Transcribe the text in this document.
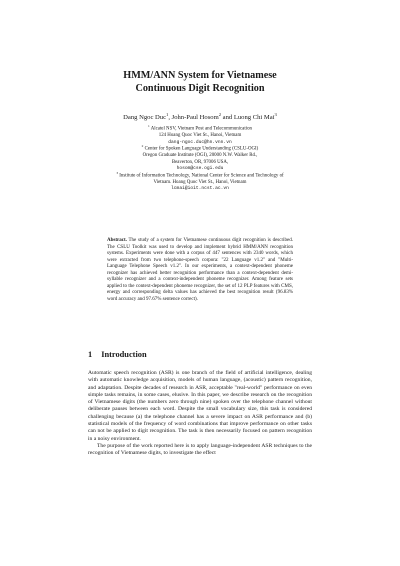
HMM/ANN System for Vietnamese
Continuous Digit Recognition
Dang Ngoc Duc$^1$, John-Paul Hosom$^2$ and Luong Chi Mai$^3$
$^1$ Alcatel NSV, Vietnam Post and Telecommunication
124 Hoang Quoc Viet St., Hanoi, Vietnam
dang-ngoc.duc@hn.vnn.vn
$^2$ Center for Spoken Language Understanding (CSLU-OGI)
Oregon Graduate Institute (OGI), 20000 N.W. Walker Rd.,
Beaverton, OR, 97006 USA,
hosom@cse.ogi.edu
$^3$ Institute of Information Technology, National Center for Science and Technology of
Vietnam. Hoang Quoc Viet St., Hanoi, Vietnam
lcmai@ioit.ncst.ac.vn
Abstract. The study of a system for Vietnamese continuous digit recognition is described. The CSLU Toolkit was used to develop and implement hybrid HMM/ANN recognition systems. Experiments were done with a corpus of 447 sentences with 2340 words, which were extracted from two telephone-speech corpora: "22 Language v1.2" and "Multi-Language Telephone Speech v1.2". In our experiments, a context-dependent phoneme recognizer has achieved better recognition performance than a context-dependent demi-syllable recognizer and a context-independent phoneme recognizer. Among feature sets applied to the context-dependent phoneme recognizer, the set of 12 PLP features with CMS, energy and corresponding delta values has achieved the best recognition result (96.83% word accuracy and 97.67% sentence correct).
1 Introduction

Automatic speech recognition (ASR) is one branch of the field of artificial intelligence, dealing with automatic knowledge acquisition, models of human language, (acoustic) pattern recognition, and adaptation. Despite decades of research in ASR, acceptable "real-world" performance on even simple tasks remains, in some cases, elusive. In this paper, we describe research on the recognition of Vietnamese digits (the numbers zero through nine) spoken over the telephone channel without deliberate pauses between each word. Despite the small vocabulary size, this task is considered challenging because (a) the telephone channel has a severe impact on ASR performance and (b) statistical models of the frequency of word combinations that improve performance on other tasks can not be applied to digit recognition. The task is then necessarily focused on pattern recognition in a noisy environment.

The purpose of the work reported here is to apply language-independent ASR techniques to the recognition of Vietnamese digits, to investigate the effect
